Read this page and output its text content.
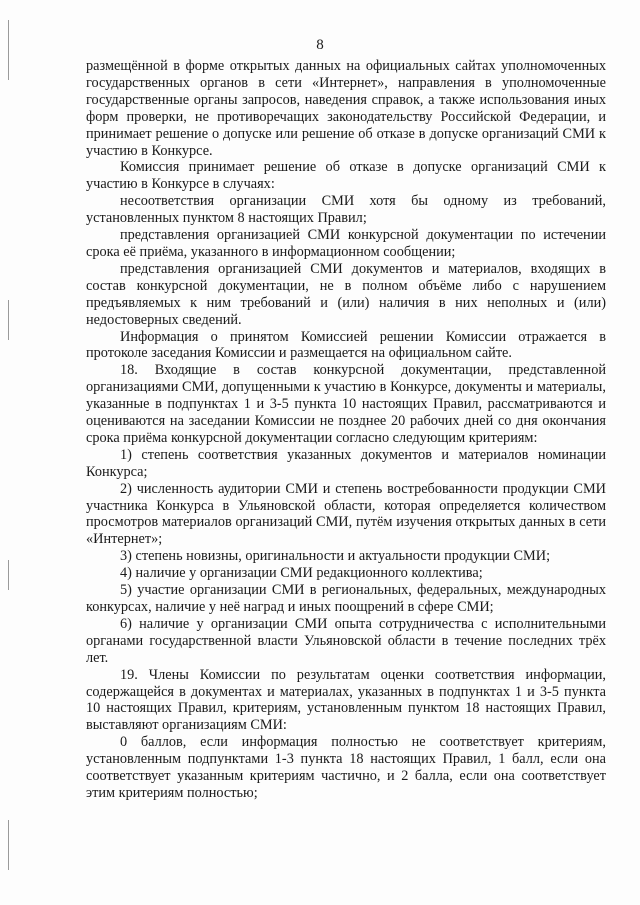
8

размещённой в форме открытых данных на официальных сайтах уполномоченных государственных органов в сети «Интернет», направления в уполномоченные государственные органы запросов, наведения справок, а также использования иных форм проверки, не противоречащих законодательству Российской Федерации, и принимает решение о допуске или решение об отказе в допуске организаций СМИ к участию в Конкурсе.

Комиссия принимает решение об отказе в допуске организаций СМИ к участию в Конкурсе в случаях:

несоответствия организации СМИ хотя бы одному из требований, установленных пунктом 8 настоящих Правил;

представления организацией СМИ конкурсной документации по истечении срока её приёма, указанного в информационном сообщении;

представления организацией СМИ документов и материалов, входящих в состав конкурсной документации, не в полном объёме либо с нарушением предъявляемых к ним требований и (или) наличия в них неполных и (или) недостоверных сведений.

Информация о принятом Комиссией решении Комиссии отражается в протоколе заседания Комиссии и размещается на официальном сайте.

18. Входящие в состав конкурсной документации, представленной организациями СМИ, допущенными к участию в Конкурсе, документы и материалы, указанные в подпунктах 1 и 3-5 пункта 10 настоящих Правил, рассматриваются и оцениваются на заседании Комиссии не позднее 20 рабочих дней со дня окончания срока приёма конкурсной документации согласно следующим критериям:

1) степень соответствия указанных документов и материалов номинации Конкурса;

2) численность аудитории СМИ и степень востребованности продукции СМИ участника Конкурса в Ульяновской области, которая определяется количеством просмотров материалов организаций СМИ, путём изучения открытых данных в сети «Интернет»;

3) степень новизны, оригинальности и актуальности продукции СМИ;

4) наличие у организации СМИ редакционного коллектива;

5) участие организации СМИ в региональных, федеральных, международных конкурсах, наличие у неё наград и иных поощрений в сфере СМИ;

6) наличие у организации СМИ опыта сотрудничества с исполнительными органами государственной власти Ульяновской области в течение последних трёх лет.

19. Члены Комиссии по результатам оценки соответствия информации, содержащейся в документах и материалах, указанных в подпунктах 1 и 3-5 пункта 10 настоящих Правил, критериям, установленным пунктом 18 настоящих Правил, выставляют организациям СМИ:

0 баллов, если информация полностью не соответствует критериям, установленным подпунктами 1-3 пункта 18 настоящих Правил, 1 балл, если она соответствует указанным критериям частично, и 2 балла, если она соответствует этим критериям полностью;
